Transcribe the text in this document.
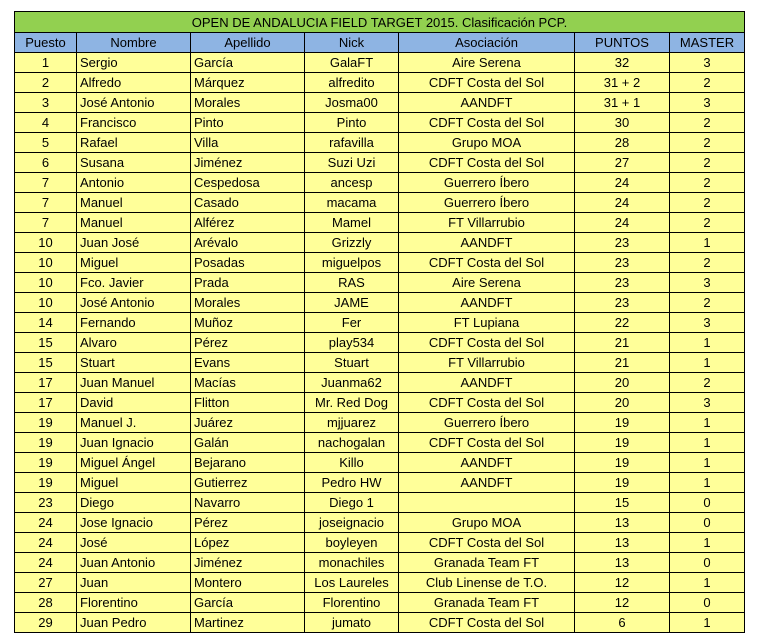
OPEN DE ANDALUCIA FIELD TARGET 2015. Clasificación PCP.						
Puesto	Nombre	Apellido	Nick	Asociación	PUNTOS	MASTER
1	Sergio	García	GalaFT	Aire Serena	32	3
2	Alfredo	Márquez	alfredito	CDFT Costa del Sol	31 + 2	2
3	José Antonio	Morales	Josma00	AANDFT	31 + 1	3
4	Francisco	Pinto	Pinto	CDFT Costa del Sol	30	2
5	Rafael	Villa	rafavilla	Grupo MOA	28	2
6	Susana	Jiménez	Suzi Uzi	CDFT Costa del Sol	27	2
7	Antonio	Cespedosa	ancesp	Guerrero Íbero	24	2
7	Manuel	Casado	macama	Guerrero Íbero	24	2
7	Manuel	Alférez	Mamel	FT Villarrubio	24	2
10	Juan José	Arévalo	Grizzly	AANDFT	23	1
10	Miguel	Posadas	miguelpos	CDFT Costa del Sol	23	2
10	Fco. Javier	Prada	RAS	Aire Serena	23	3
10	José Antonio	Morales	JAME	AANDFT	23	2
14	Fernando	Muñoz	Fer	FT Lupiana	22	3
15	Alvaro	Pérez	play534	CDFT Costa del Sol	21	1
15	Stuart	Evans	Stuart	FT Villarrubio	21	1
17	Juan Manuel	Macías	Juanma62	AANDFT	20	2
17	David	Flitton	Mr. Red Dog	CDFT Costa del Sol	20	3
19	Manuel J.	Juárez	mjjuarez	Guerrero Íbero	19	1
19	Juan Ignacio	Galán	nachogalan	CDFT Costa del Sol	19	1
19	Miguel Ángel	Bejarano	Killo	AANDFT	19	1
19	Miguel	Gutierrez	Pedro HW	AANDFT	19	1
23	Diego	Navarro	Diego 1		15	0
24	Jose Ignacio	Pérez	joseignacio	Grupo MOA	13	0
24	José	López	boyleyen	CDFT Costa del Sol	13	1
24	Juan Antonio	Jiménez	monachiles	Granada Team FT	13	0
27	Juan	Montero	Los Laureles	Club Linense de T.O.	12	1
28	Florentino	García	Florentino	Granada Team FT	12	0
29	Juan Pedro	Martinez	jumato	CDFT Costa del Sol	6	1
